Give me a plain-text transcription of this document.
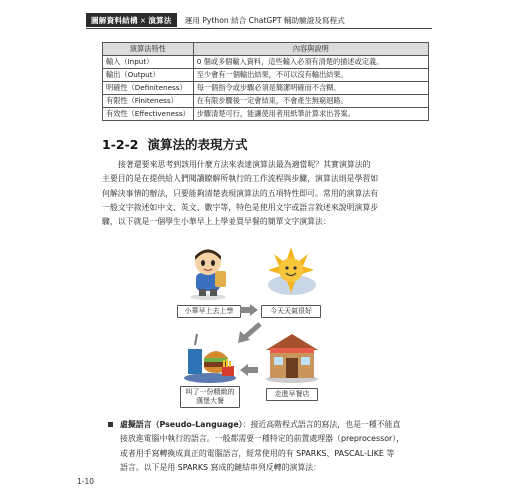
圖解資料結構 × 演算法 運用 Python 結合 ChatGPT 輔助驗證及寫程式
演算法特性	內容與說明
輸入（Input）	0 個或多個輸入資料，這些輸入必須有清楚的描述或定義。
輸出（Output）	至少會有一個輸出結果，不可以沒有輸出結果。
明確性（Definiteness）	每一個指令或步驟必須是簡潔明確而不含糊。
有限性（Finiteness）	在有限步驟後一定會結束，不會產生無窮迴路。
有效性（Effectiveness）	步驟清楚可行，能讓使用者用紙筆計算求出答案。
1-2-2 演算法的表現方式
接著還要來思考到該用什麼方法來表達演算法最為適當呢？其實演算法的
主要目的是在提供給人們閱讀瞭解所執行的工作流程與步驟，演算法則是學習如
何解決事情的辦法，只要能夠清楚表現演算法的五項特性即可。常用的演算法有
一般文字敘述如中文、英文、數字等，特色是使用文字或語言敘述來說明演算步
驟，以下就是一個學生小華早上上學並買早餐的簡單文字演算法：
小華早上去上學	今天天氣很好
叫了一份精緻的
漢堡大餐
走進早餐店
虛擬語言（Pseudo-Language）：接近高階程式語言的寫法，也是一種不能直
接放進電腦中執行的語言。一般都需要一種特定的前置處理器（preprocessor），
或者用手寫轉換成真正的電腦語言，經常使用的有 SPARKS、PASCAL-LIKE 等
語言。以下是用 SPARKS 寫成的鏈結串列反轉的演算法：
1-10
